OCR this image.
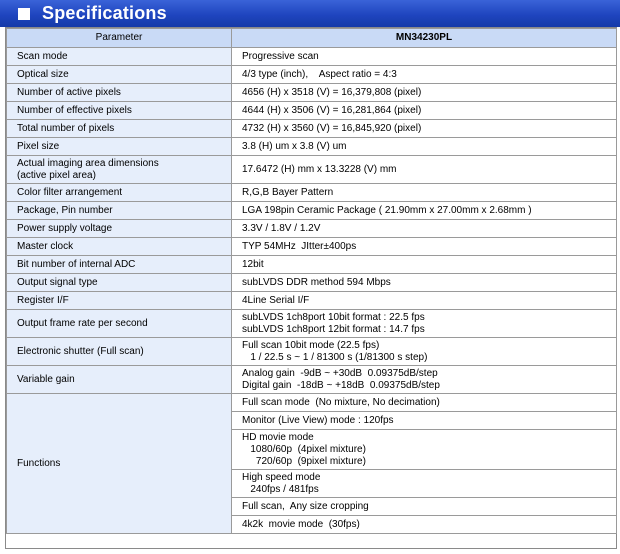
Specifications
Parameter	MN34230PL

Scan mode	Progressive scan

Optical size	4/3 type (inch),    Aspect ratio = 4:3

Number of active pixels	4656 (H) x 3518 (V) = 16,379,808 (pixel)

Number of effective pixels	4644 (H) x 3506 (V) = 16,281,864 (pixel)

Total number of pixels	4732 (H) x 3560 (V) = 16,845,920 (pixel)

Pixel size	3.8 (H) um x 3.8 (V) um

Actual imaging area dimensions
(active pixel area)	17.6472 (H) mm x 13.3228 (V) mm

Color filter arrangement	R,G,B Bayer Pattern

Package, Pin number	LGA 198pin Ceramic Package ( 21.90mm x 27.00mm x 2.68mm )

Power supply voltage	3.3V / 1.8V / 1.2V

Master clock	TYP 54MHz  JItter±400ps

Bit number of internal ADC	12bit

Output signal type	subLVDS DDR method 594 Mbps

Register I/F	4Line Serial I/F

Output frame rate per second	subLVDS 1ch8port 10bit format : 22.5 fps
subLVDS 1ch8port 12bit format : 14.7 fps

Electronic shutter (Full scan)	Full scan 10bit mode (22.5 fps)
1 / 22.5 s ~ 1 / 81300 s (1/81300 s step)

Variable gain	Analog gain  -9dB ~ +30dB  0.09375dB/step
Digital gain  -18dB ~ +18dB  0.09375dB/step

Functions	Full scan mode  (No mixture, No decimation)

	Monitor (Live View) mode : 120fps

	HD movie mode
1080/60p  (4pixel mixture)
720/60p  (9pixel mixture)

	High speed mode
240fps / 481fps

	Full scan,  Any size cropping

	4k2k  movie mode  (30fps)
